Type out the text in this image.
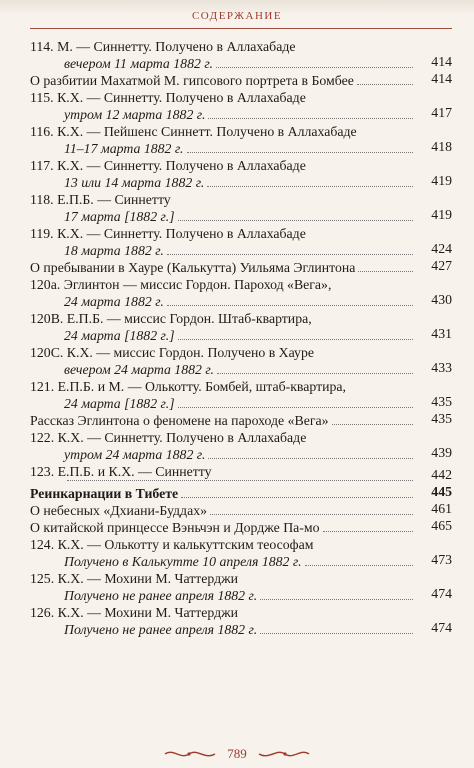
СОДЕРЖАНИЕ
114. М. — Синнетту. Получено в Аллахабаде
вечером 11 марта 1882 г.	414
О разбитии Махатмой М. гипсового портрета в Бомбее	414
115. К.Х. — Синнетту. Получено в Аллахабаде
утром 12 марта 1882 г.	417
116. К.Х. — Пейшенс Синнетт. Получено в Аллахабаде
11–17 марта 1882 г.	418
117. К.Х. — Синнетту. Получено в Аллахабаде
13 или 14 марта 1882 г.	419
118. Е.П.Б. — Синнетту
17 марта [1882 г.]	419
119. К.Х. — Синнетту. Получено в Аллахабаде
18 марта 1882 г.	424
О пребывании в Хауре (Калькутта) Уильяма Эглинтона	427
120a. Эглинтон — миссис Гордон. Пароход «Вега»,
24 марта 1882 г.	430
120B. Е.П.Б. — миссис Гордон. Штаб-квартира,
24 марта [1882 г.]	431
120C. К.Х. — миссис Гордон. Получено в Хауре
вечером 24 марта 1882 г.	433
121. Е.П.Б. и М. — Олькотту. Бомбей, штаб-квартира,
24 марта [1882 г.]	435
Рассказ Эглинтона о феномене на пароходе «Вега»	435
122. К.Х. — Синнетту. Получено в Аллахабаде
утром 24 марта 1882 г.	439
123. Е.П.Б. и К.Х. — Синнетту	442
Реинкарнации в Тибете	445
О небесных «Дхиани-Буддах»	461
О китайской принцессе Вэньчэн и Дордже Па-мо	465
124. К.Х. — Олькотту и калькуттским теософам
Получено в Калькутте 10 апреля 1882 г.	473
125. К.Х. — Мохини М. Чаттерджи
Получено не ранее апреля 1882 г.	474
126. К.Х. — Мохини М. Чаттерджи
Получено не ранее апреля 1882 г.	474
789
